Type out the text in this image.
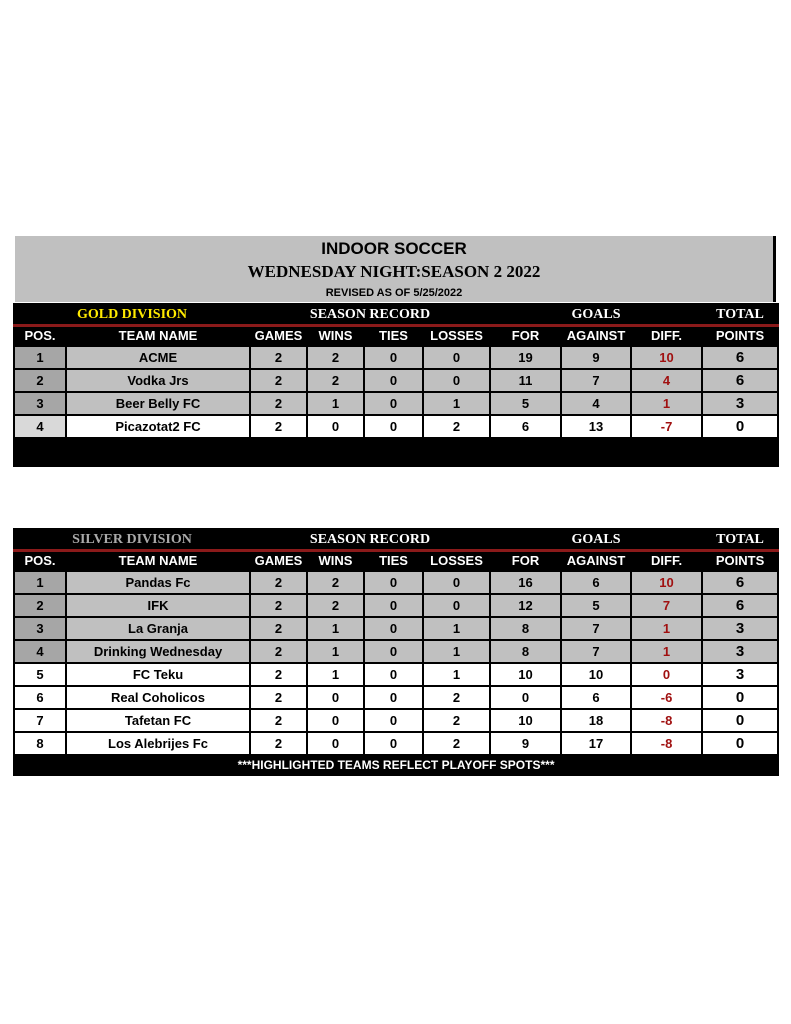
INDOOR SOCCER
WEDNESDAY NIGHT:SEASON 2 2022
REVISED AS OF 5/25/2022
GOLD DIVISION		SEASON RECORD				GOALS			TOTAL
POS.	TEAM NAME	GAMES	WINS	TIES	LOSSES	FOR	AGAINST	DIFF.	POINTS
1	ACME	2	2	0	0	19	9	10	6
2	Vodka Jrs	2	2	0	0	11	7	4	6
3	Beer Belly FC	2	1	0	1	5	4	1	3
4	Picazotat2 FC	2	0	0	2	6	13	-7	0

SILVER DIVISION		SEASON RECORD				GOALS			TOTAL
POS.	TEAM NAME	GAMES	WINS	TIES	LOSSES	FOR	AGAINST	DIFF.	POINTS
1	Pandas Fc	2	2	0	0	16	6	10	6
2	IFK	2	2	0	0	12	5	7	6
3	La Granja	2	1	0	1	8	7	1	3
4	Drinking Wednesday	2	1	0	1	8	7	1	3
5	FC Teku	2	1	0	1	10	10	0	3
6	Real Coholicos	2	0	0	2	0	6	-6	0
7	Tafetan FC	2	0	0	2	10	18	-8	0
8	Los Alebrijes Fc	2	0	0	2	9	17	-8	0
***HIGHLIGHTED TEAMS REFLECT PLAYOFF SPOTS***									
